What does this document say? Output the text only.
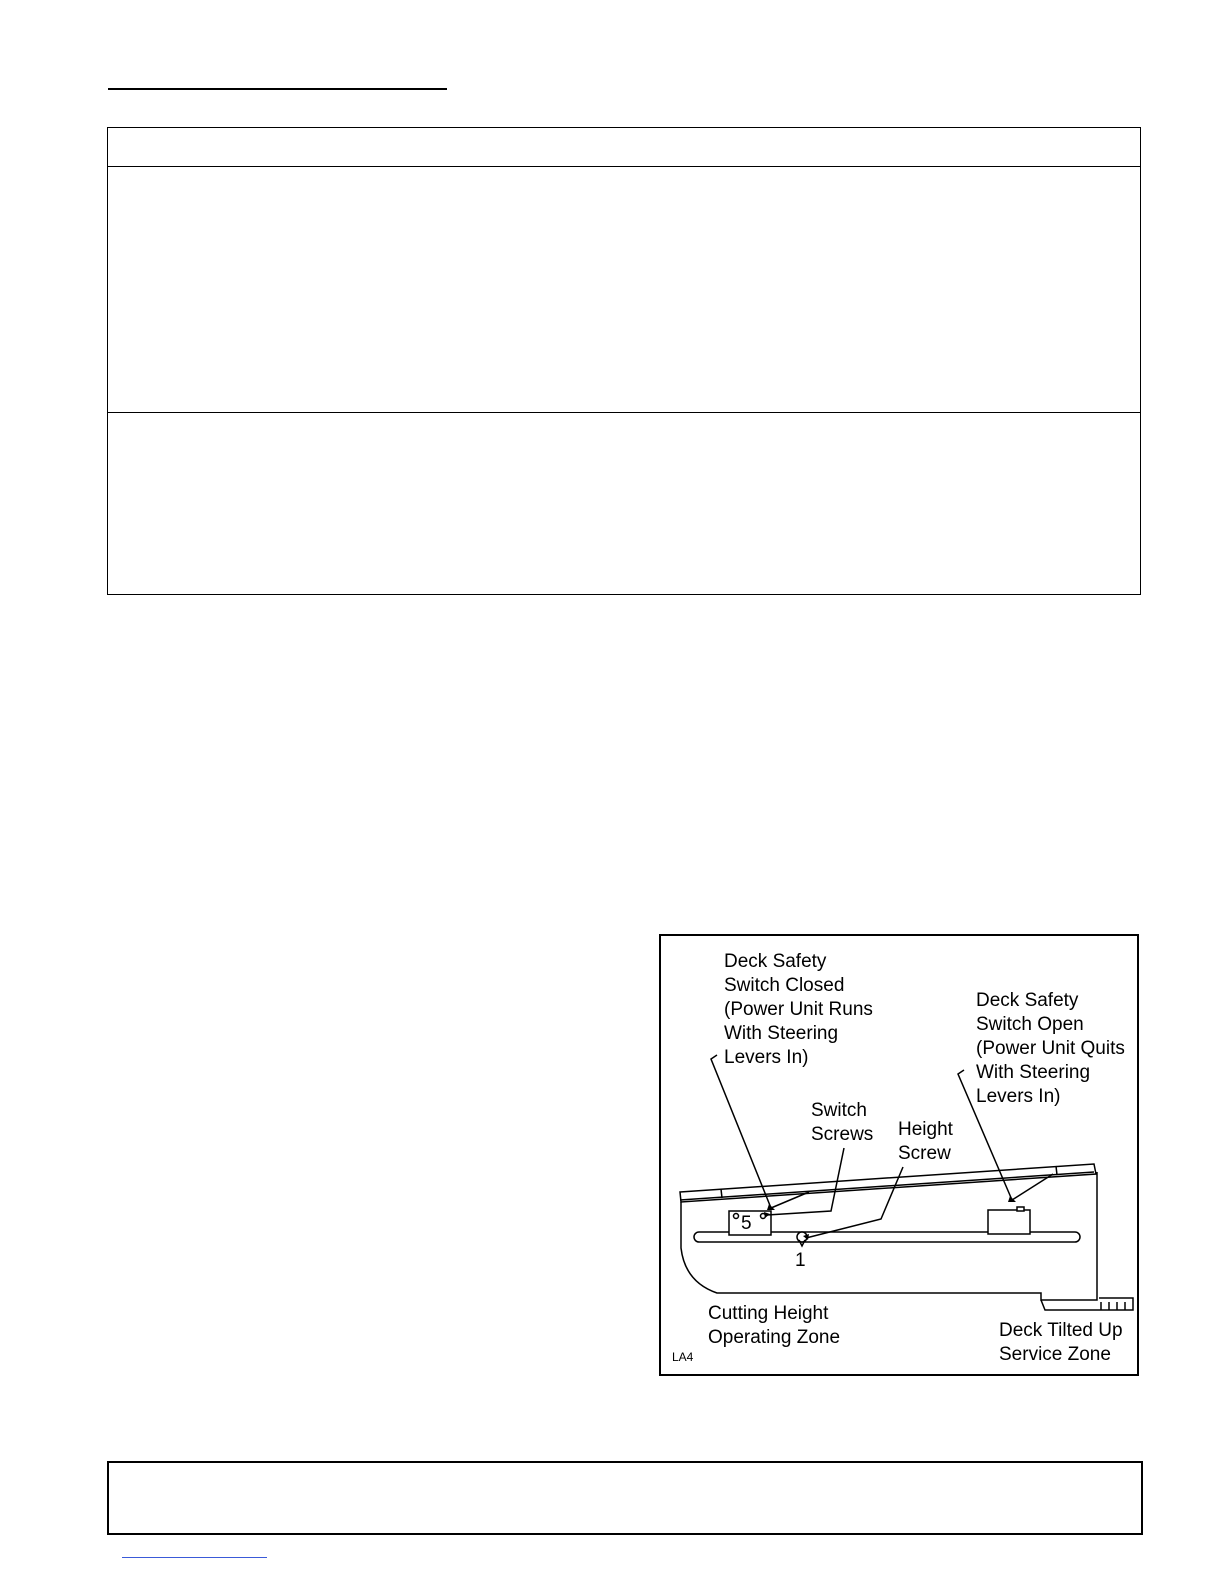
Deck Safety
Switch Closed
(Power Unit Runs
With Steering
Levers In)
Deck Safety
Switch Open
(Power Unit Quits
With Steering
Levers In)
Switch
Screws Height
Screw
5
1
Cutting Height
Operating Zone	Deck Tilted Up
Service Zone
LA4
